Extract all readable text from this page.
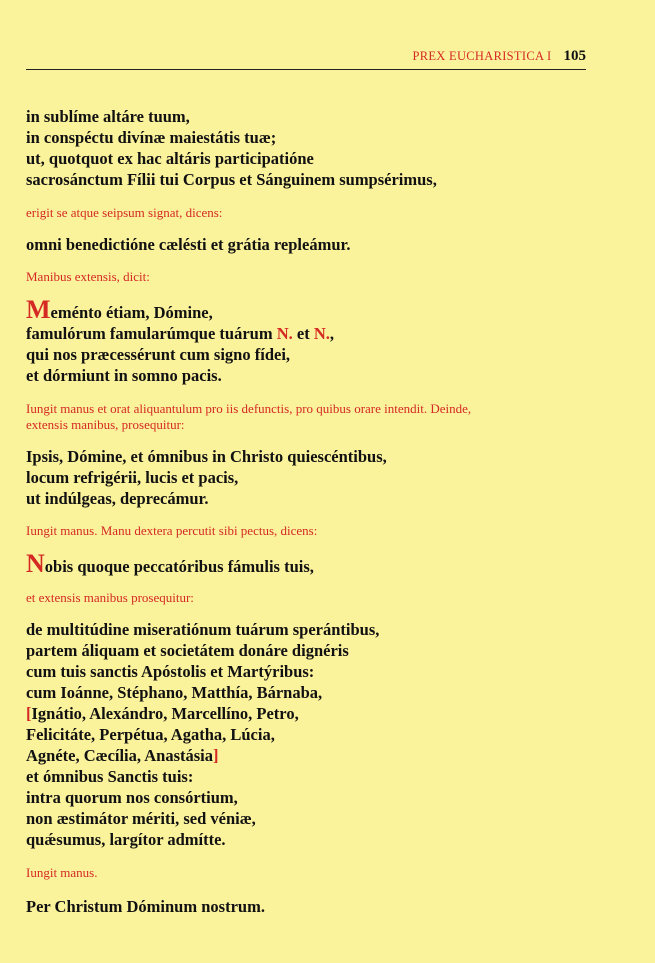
PREX EUCHARISTICA I 105

in sublíme altáre tuum,
in conspéctu divínæ maiestátis tuæ;
ut, quotquot ex hac altáris participatióne
sacrosánctum Fílii tui Corpus et Sánguinem sumpsérimus,

erigit se atque seipsum signat, dicens:

omni benedictióne cælésti et grátia repleámur.

Manibus extensis, dicit:

Meménto étiam, Dómine,
famulórum famularúmque tuárum N. et N.,
qui nos præcessérunt cum signo fídei,
et dórmiunt in somno pacis.

Iungit manus et orat aliquantulum pro iis defunctis, pro quibus orare intendit. Deinde,
extensis manibus, prosequitur:

Ipsis, Dómine, et ómnibus in Christo quiescéntibus,
locum refrigérii, lucis et pacis,
ut indúlgeas, deprecámur.

Iungit manus. Manu dextera percutit sibi pectus, dicens:

Nobis quoque peccatóribus fámulis tuis,

et extensis manibus prosequitur:

de multitúdine miseratiónum tuárum sperántibus,
partem áliquam et societátem donáre dignéris
cum tuis sanctis Apóstolis et Martýribus:
cum Ioánne, Stéphano, Matthía, Bárnaba,
[Ignátio, Alexándro, Marcellíno, Petro,
Felicitáte, Perpétua, Agatha, Lúcia,
Agnéte, Cæcília, Anastásia]
et ómnibus Sanctis tuis:
intra quorum nos consórtium,
non æstimátor mériti, sed véniæ,
quǽsumus, largítor admítte.

Iungit manus.

Per Christum Dóminum nostrum.
